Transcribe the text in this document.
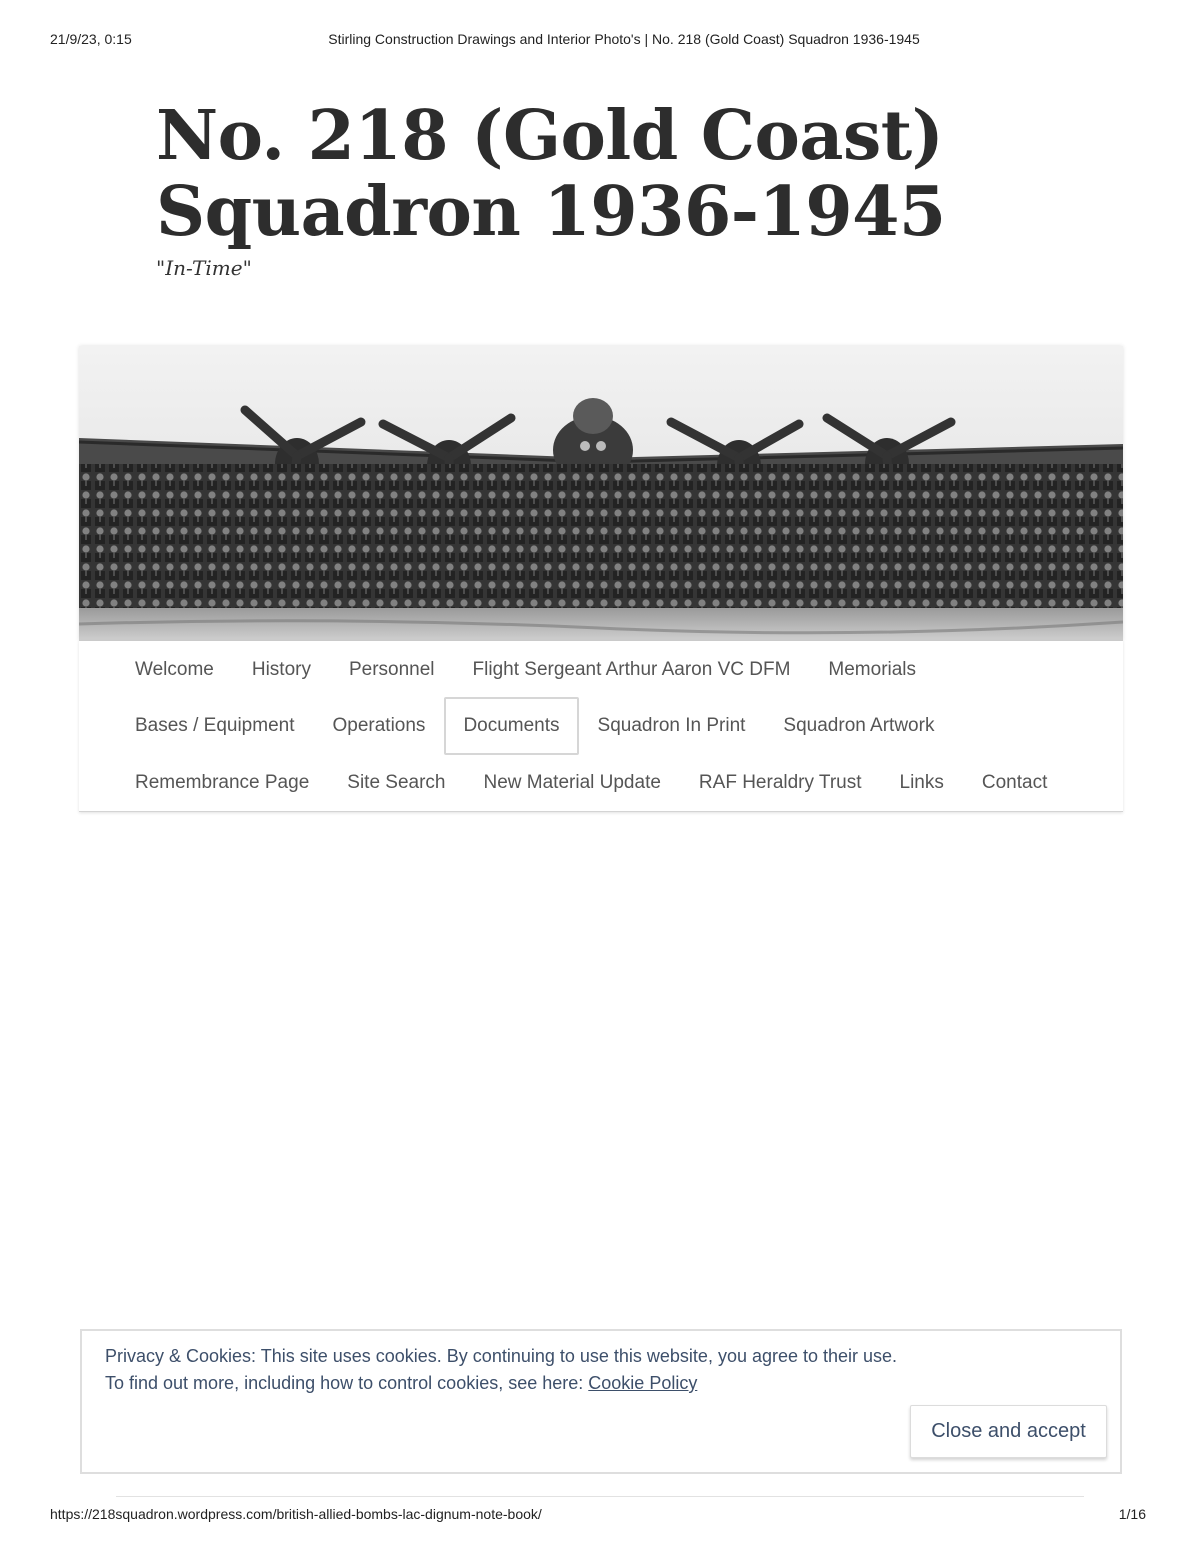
21/9/23, 0:15	Stirling Construction Drawings and Interior Photo's | No. 218 (Gold Coast) Squadron 1936-1945
No. 218 (Gold Coast)
Squadron 1936-1945
"In-Time"
Welcome	History	Personnel	Flight Sergeant Arthur Aaron VC DFM	Memorials
Bases / Equipment	Operations	Documents	Squadron In Print	Squadron Artwork
Remembrance Page	Site Search	New Material Update	RAF Heraldry Trust	Links	Contact
Privacy & Cookies: This site uses cookies. By continuing to use this website, you agree to their use.
To find out more, including how to control cookies, see here: Cookie Policy
Close and accept
https://218squadron.wordpress.com/british-allied-bombs-lac-dignum-note-book/	1/16
